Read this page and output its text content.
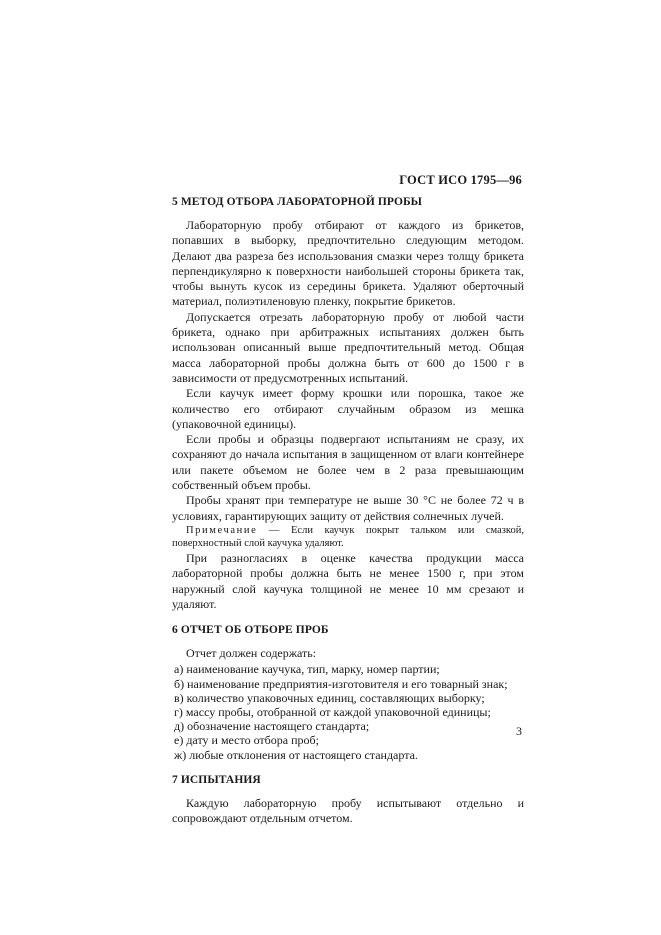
ГОСТ ИСО 1795—96
5 МЕТОД ОТБОРА ЛАБОРАТОРНОЙ ПРОБЫ

Лабораторную пробу отбирают от каждого из брикетов, попавших в выборку, предпочтительно следующим методом. Делают два разреза без использования смазки через толщу брикета перпендикулярно к поверхности наибольшей стороны брикета так, чтобы вынуть кусок из середины брикета. Удаляют оберточный материал, полиэтиленовую пленку, покрытие брикетов.

Допускается отрезать лабораторную пробу от любой части брикета, однако при арбитражных испытаниях должен быть использован описанный выше предпочтительный метод. Общая масса лабораторной пробы должна быть от 600 до 1500 г в зависимости от предусмотренных испытаний.

Если каучук имеет форму крошки или порошка, такое же количество его отбирают случайным образом из мешка (упаковочной единицы).

Если пробы и образцы подвергают испытаниям не сразу, их сохраняют до начала испытания в защищенном от влаги контейнере или пакете объемом не более чем в 2 раза превышающим собственный объем пробы.

Пробы хранят при температуре не выше 30 °С не более 72 ч в условиях, гарантирующих защиту от действия солнечных лучей.

Примечание — Если каучук покрыт тальком или смазкой, поверхностный слой каучука удаляют.

При разногласиях в оценке качества продукции масса лабораторной пробы должна быть не менее 1500 г, при этом наружный слой каучука толщиной не менее 10 мм срезают и удаляют.

6 ОТЧЕТ ОБ ОТБОРЕ ПРОБ

Отчет должен содержать:

а) наименование каучука, тип, марку, номер партии;
б) наименование предприятия-изготовителя и его товарный знак;
в) количество упаковочных единиц, составляющих выборку;
г) массу пробы, отобранной от каждой упаковочной единицы;
д) обозначение настоящего стандарта;
е) дату и место отбора проб;
ж) любые отклонения от настоящего стандарта.
7 ИСПЫТАНИЯ

Каждую лабораторную пробу испытывают отдельно и сопровождают отдельным отчетом.

3
